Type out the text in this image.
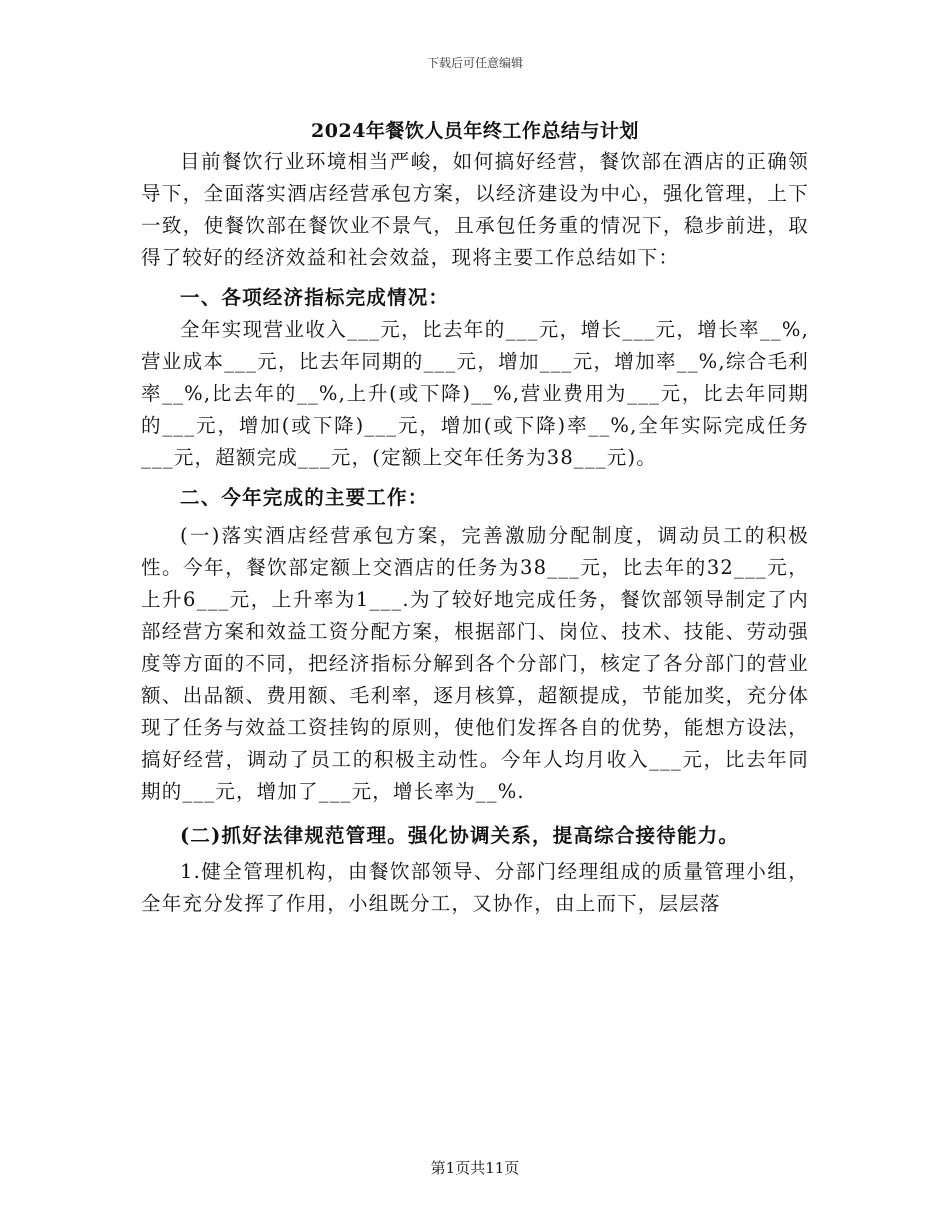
下载后可任意编辑
2024年餐饮人员年终工作总结与计划

目前餐饮行业环境相当严峻，如何搞好经营，餐饮部在酒店的正确领导下，全面落实酒店经营承包方案，以经济建设为中心，强化管理，上下一致，使餐饮部在餐饮业不景气，且承包任务重的情况下，稳步前进，取得了较好的经济效益和社会效益，现将主要工作总结如下：

一、各项经济指标完成情况：

全年实现营业收入___元，比去年的___元，增长___元，增长率__%,营业成本___元，比去年同期的___元，增加___元，增加率__%,综合毛利率__%,比去年的__%,上升(或下降)__%,营业费用为___元，比去年同期的___元，增加(或下降)___元，增加(或下降)率__%,全年实际完成任务___元，超额完成___元，(定额上交年任务为38___元)。

二、今年完成的主要工作：

(一)落实酒店经营承包方案，完善激励分配制度，调动员工的积极性。今年，餐饮部定额上交酒店的任务为38___元，比去年的32___元，上升6___元，上升率为1___.为了较好地完成任务，餐饮部领导制定了内部经营方案和效益工资分配方案，根据部门、岗位、技术、技能、劳动强度等方面的不同，把经济指标分解到各个分部门，核定了各分部门的营业额、出品额、费用额、毛利率，逐月核算，超额提成，节能加奖，充分体现了任务与效益工资挂钩的原则，使他们发挥各自的优势，能想方设法，搞好经营，调动了员工的积极主动性。今年人均月收入___元，比去年同期的___元，增加了___元，增长率为__%.

(二)抓好法律规范管理。强化协调关系，提高综合接待能力。

1.健全管理机构，由餐饮部领导、分部门经理组成的质量管理小组，全年充分发挥了作用，小组既分工，又协作，由上而下，层层落

第1页共11页
